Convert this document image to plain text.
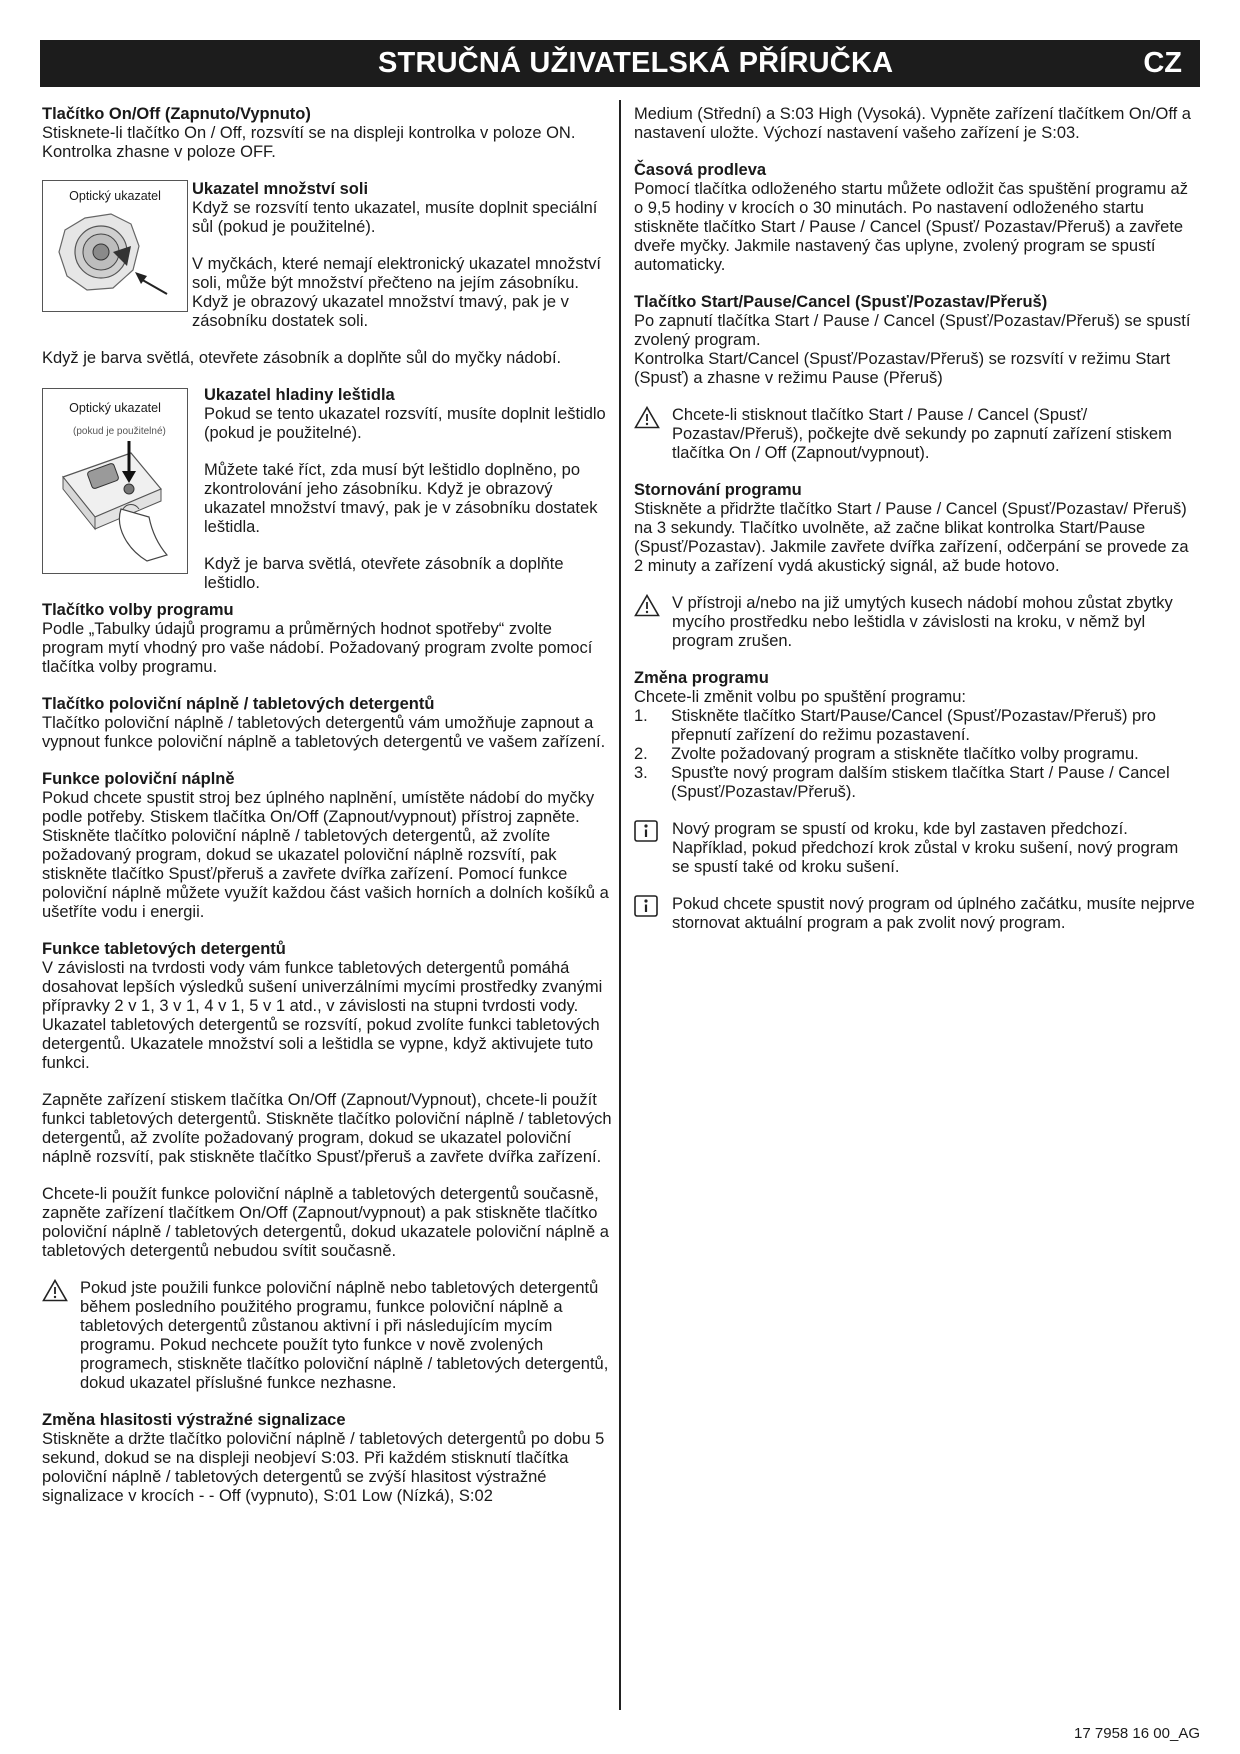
STRUČNÁ UŽIVATELSKÁ PŘÍRUČKA	CZ
Tlačítko On/Off (Zapnuto/Vypnuto)

Stisknete-li tlačítko On / Off, rozsvítí se na displeji kontrolka v poloze ON. Kontrolka zhasne v poloze OFF.

Optický ukazatel	Ukazatel množství soli

Když se rozsvítí tento ukazatel, musíte doplnit speciální sůl (pokud je použitelné).

V myčkách, které nemají elektronický ukazatel množství soli, může být množství přečteno na jejím zásobníku. Když je obrazový ukazatel množství tmavý, pak je v zásobníku dostatek soli.

Když je barva světlá, otevřete zásobník a doplňte sůl do myčky nádobí.

Optický ukazatel
(pokud je použitelné)
Ukazatel hladiny leštidla

Pokud se tento ukazatel rozsvítí, musíte doplnit leštidlo (pokud je použitelné).

Můžete také říct, zda musí být leštidlo doplněno, po zkontrolování jeho zásobníku. Když je obrazový ukazatel množství tmavý, pak je v zásobníku dostatek leštidla.

Když je barva světlá, otevřete zásobník a doplňte leštidlo.

Tlačítko volby programu

Podle „Tabulky údajů programu a průměrných hodnot spotřeby“ zvolte program mytí vhodný pro vaše nádobí. Požadovaný program zvolte pomocí tlačítka volby programu.

Tlačítko poloviční náplně / tabletových detergentů

Tlačítko poloviční náplně / tabletových detergentů vám umožňuje zapnout a vypnout funkce poloviční náplně a tabletových detergentů ve vašem zařízení.

Funkce poloviční náplně

Pokud chcete spustit stroj bez úplného naplnění, umístěte nádobí do myčky podle potřeby. Stiskem tlačítka On/Off (Zapnout/vypnout) přístroj zapněte. Stiskněte tlačítko poloviční náplně / tabletových detergentů, až zvolíte požadovaný program, dokud se ukazatel poloviční náplně rozsvítí, pak stiskněte tlačítko Spusť/přeruš a zavřete dvířka zařízení. Pomocí funkce poloviční náplně můžete využít každou část vašich horních a dolních košíků a ušetříte vodu i energii.

Funkce tabletových detergentů

V závislosti na tvrdosti vody vám funkce tabletových detergentů pomáhá dosahovat lepších výsledků sušení univerzálními mycími prostředky zvanými přípravky 2 v 1, 3 v 1, 4 v 1, 5 v 1 atd., v závislosti na stupni tvrdosti vody. Ukazatel tabletových detergentů se rozsvítí, pokud zvolíte funkci tabletových detergentů. Ukazatele množství soli a leštidla se vypne, když aktivujete tuto funkci.

Zapněte zařízení stiskem tlačítka On/Off (Zapnout/Vypnout), chcete-li použít funkci tabletových detergentů. Stiskněte tlačítko poloviční náplně / tabletových detergentů, až zvolíte požadovaný program, dokud se ukazatel poloviční náplně rozsvítí, pak stiskněte tlačítko Spusť/přeruš a zavřete dvířka zařízení.

Chcete-li použít funkce poloviční náplně a tabletových detergentů současně, zapněte zařízení tlačítkem On/Off (Zapnout/vypnout) a pak stiskněte tlačítko poloviční náplně / tabletových detergentů, dokud ukazatele poloviční náplně a tabletových detergentů nebudou svítit současně.

Pokud jste použili funkce poloviční náplně nebo tabletových detergentů během posledního použitého programu, funkce poloviční náplně a tabletových detergentů zůstanou aktivní i při následujícím mycím programu. Pokud nechcete použít tyto funkce v nově zvolených programech, stiskněte tlačítko poloviční náplně / tabletových detergentů, dokud ukazatel příslušné funkce nezhasne.

Změna hlasitosti výstražné signalizace

Stiskněte a držte tlačítko poloviční náplně / tabletových detergentů po dobu 5 sekund, dokud se na displeji neobjeví S:03. Při každém stisknutí tlačítka poloviční náplně / tabletových detergentů se zvýší hlasitost výstražné signalizace v krocích - - Off (vypnuto), S:01 Low (Nízká), S:02

Medium (Střední) a S:03 High (Vysoká). Vypněte zařízení tlačítkem On/Off a nastavení uložte. Výchozí nastavení vašeho zařízení je S:03.

Časová prodleva

Pomocí tlačítka odloženého startu můžete odložit čas spuštění programu až o 9,5 hodiny v krocích o 30 minutách. Po nastavení odloženého startu stiskněte tlačítko Start / Pause / Cancel (Spusť/ Pozastav/Přeruš) a zavřete dveře myčky. Jakmile nastavený čas uplyne, zvolený program se spustí automaticky.

Tlačítko Start/Pause/Cancel (Spusť/Pozastav/Přeruš)

Po zapnutí tlačítka Start / Pause / Cancel (Spusť/Pozastav/Přeruš) se spustí zvolený program.

Kontrolka Start/Cancel (Spusť/Pozastav/Přeruš) se rozsvítí v režimu Start (Spusť) a zhasne v režimu Pause (Přeruš)

Chcete-li stisknout tlačítko Start / Pause / Cancel (Spusť/ Pozastav/Přeruš), počkejte dvě sekundy po zapnutí zařízení stiskem tlačítka On / Off (Zapnout/vypnout).

Stornování programu

Stiskněte a přidržte tlačítko Start / Pause / Cancel (Spusť/Pozastav/ Přeruš) na 3 sekundy. Tlačítko uvolněte, až začne blikat kontrolka Start/Pause (Spusť/Pozastav). Jakmile zavřete dvířka zařízení, odčerpání se provede za 2 minuty a zařízení vydá akustický signál, až bude hotovo.

V přístroji a/nebo na již umytých kusech nádobí mohou zůstat zbytky mycího prostředku nebo leštidla v závislosti na kroku, v němž byl program zrušen.

Změna programu

Chcete-li změnit volbu po spuštění programu:

1.	Stiskněte tlačítko Start/Pause/Cancel (Spusť/Pozastav/Přeruš) pro přepnutí zařízení do režimu pozastavení.
2.	Zvolte požadovaný program a stiskněte tlačítko volby programu.
3.	Spusťte nový program dalším stiskem tlačítka Start / Pause / Cancel (Spusť/Pozastav/Přeruš).

Nový program se spustí od kroku, kde byl zastaven předchozí. Například, pokud předchozí krok zůstal v kroku sušení, nový program se spustí také od kroku sušení.

Pokud chcete spustit nový program od úplného začátku, musíte nejprve stornovat aktuální program a pak zvolit nový program.

17 7958 16 00_AG
